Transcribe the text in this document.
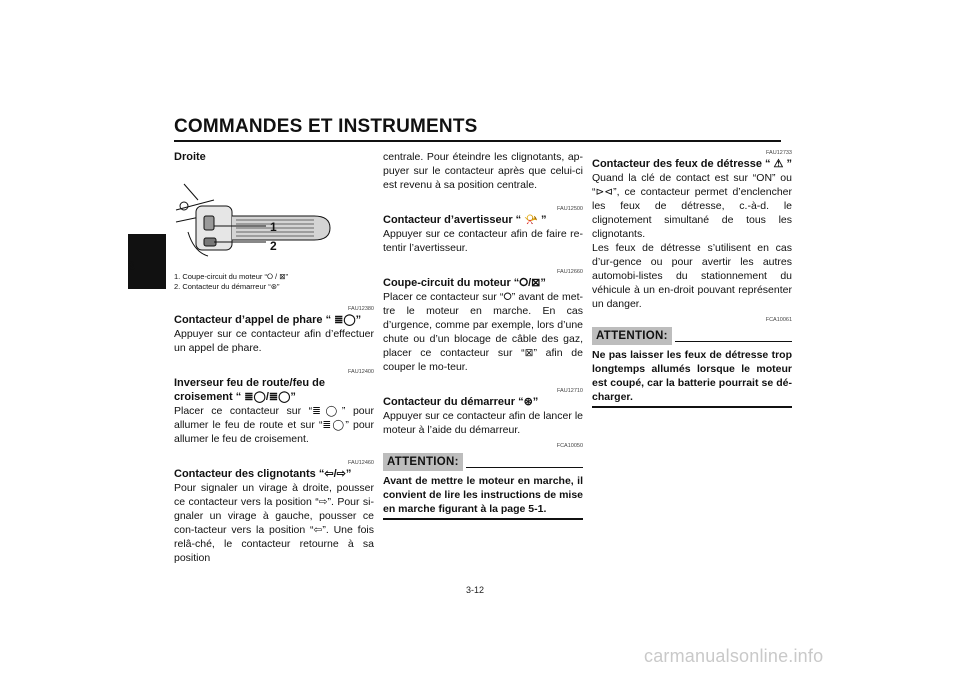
COMMANDES ET INSTRUMENTS
3

Droite

1
2

1. Coupe-circuit du moteur “⭘ / ⊠”

2. Contacteur du démarreur “⊛”

FAU12380

Contacteur d’appel de phare “ ≣◯”

Appuyer sur ce contacteur afin d’effectuer un appel de phare.

FAU12400

Inverseur feu de route/feu de croisement “ ≣◯/≣◯”

Placer ce contacteur sur “≣◯” pour allumer le feu de route et sur “≣◯” pour allumer le feu de croisement.

FAU12460

Contacteur des clignotants “⇦/⇨”

Pour signaler un virage à droite, pousser ce contacteur vers la position “⇨”. Pour si-gnaler un virage à gauche, pousser ce con-tacteur vers la position “⇦”. Une fois relâ-ché, le contacteur retourne à sa position

centrale. Pour éteindre les clignotants, ap-puyer sur le contacteur après que celui-ci est revenu à sa position centrale.

FAU12500

Contacteur d’avertisseur “ 📯 ”

Appuyer sur ce contacteur afin de faire re-tentir l’avertisseur.

FAU12660

Coupe-circuit du moteur “⭘/⊠”

Placer ce contacteur sur “⭘” avant de met-tre le moteur en marche. En cas d’urgence, comme par exemple, lors d’une chute ou d’un blocage de câble des gaz, placer ce contacteur sur “⊠” afin de couper le mo-teur.

FAU12710

Contacteur du démarreur “⊛”

Appuyer sur ce contacteur afin de lancer le moteur à l’aide du démarreur.

FCA10050

ATTENTION:

Avant de mettre le moteur en marche, il convient de lire les instructions de mise en marche figurant à la page 5-1.

FAU12733

Contacteur des feux de détresse “ ⚠ ”

Quand la clé de contact est sur “ON” ou “⊳⊲”, ce contacteur permet d’enclencher les feux de détresse, c.-à-d. le clignotement simultané de tous les clignotants.

Les feux de détresse s’utilisent en cas d’ur-gence ou pour avertir les autres automobi-listes du stationnement du véhicule à un en-droit pouvant représenter un danger.

FCA10061

ATTENTION:

Ne pas laisser les feux de détresse trop longtemps allumés lorsque le moteur est coupé, car la batterie pourrait se dé-charger.

3-12
carmanualsonline.info
